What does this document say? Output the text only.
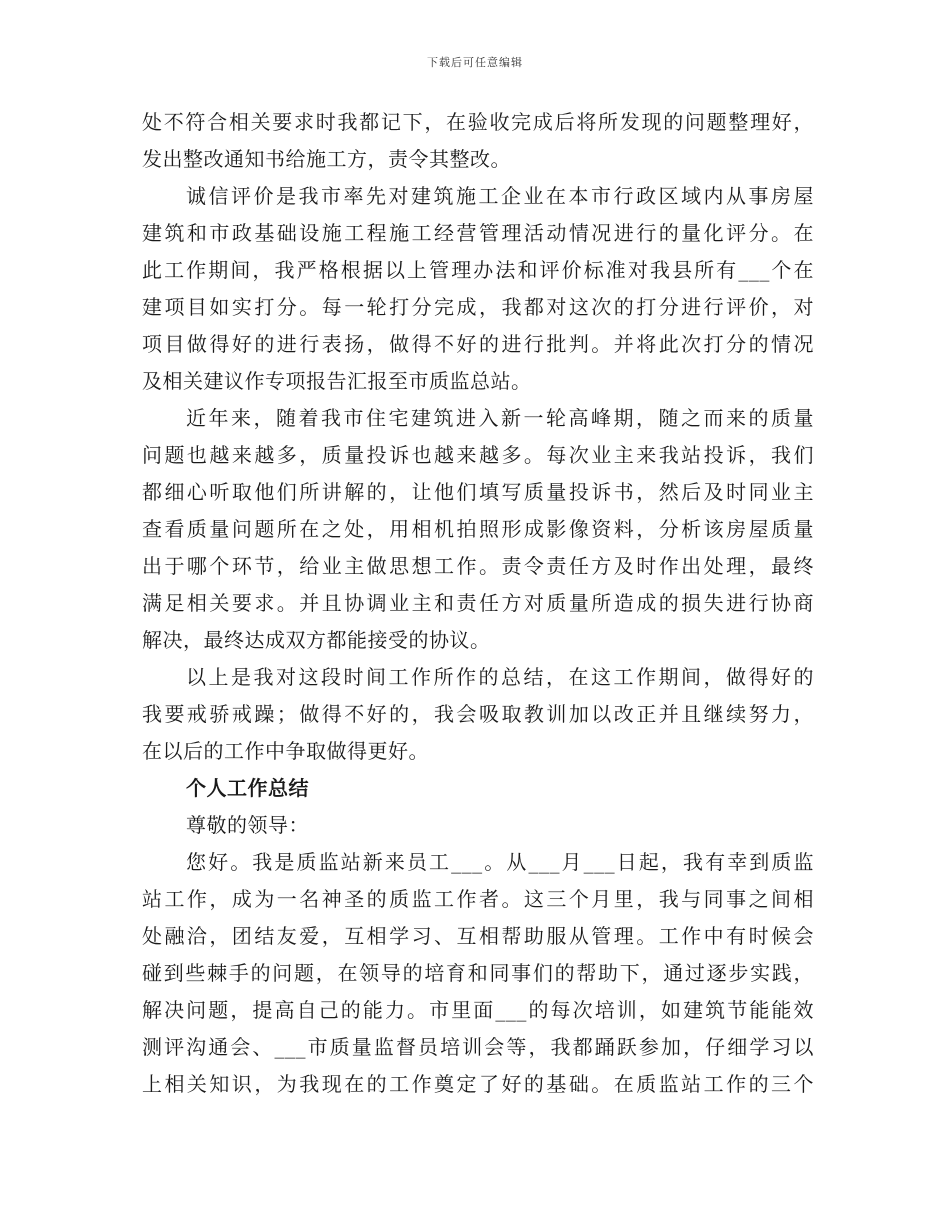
下载后可任意编辑
处不符合相关要求时我都记下，在验收完成后将所发现的问题整理好，
发出整改通知书给施工方，责令其整改。
诚信评价是我市率先对建筑施工企业在本市行政区域内从事房屋
建筑和市政基础设施工程施工经营管理活动情况进行的量化评分。在
此工作期间，我严格根据以上管理办法和评价标准对我县所有___个在
建项目如实打分。每一轮打分完成，我都对这次的打分进行评价，对
项目做得好的进行表扬，做得不好的进行批判。并将此次打分的情况
及相关建议作专项报告汇报至市质监总站。
近年来，随着我市住宅建筑进入新一轮高峰期，随之而来的质量
问题也越来越多，质量投诉也越来越多。每次业主来我站投诉，我们
都细心听取他们所讲解的，让他们填写质量投诉书，然后及时同业主
查看质量问题所在之处，用相机拍照形成影像资料，分析该房屋质量
出于哪个环节，给业主做思想工作。责令责任方及时作出处理，最终
满足相关要求。并且协调业主和责任方对质量所造成的损失进行协商
解决，最终达成双方都能接受的协议。
以上是我对这段时间工作所作的总结，在这工作期间，做得好的
我要戒骄戒躁；做得不好的，我会吸取教训加以改正并且继续努力，
在以后的工作中争取做得更好。
个人工作总结
尊敬的领导：
您好。我是质监站新来员工___。从___月___日起，我有幸到质监
站工作，成为一名神圣的质监工作者。这三个月里，我与同事之间相
处融洽，团结友爱，互相学习、互相帮助服从管理。工作中有时候会
碰到些棘手的问题，在领导的培育和同事们的帮助下，通过逐步实践，
解决问题，提高自己的能力。市里面___的每次培训，如建筑节能能效
测评沟通会、___市质量监督员培训会等，我都踊跃参加，仔细学习以
上相关知识，为我现在的工作奠定了好的基础。在质监站工作的三个
